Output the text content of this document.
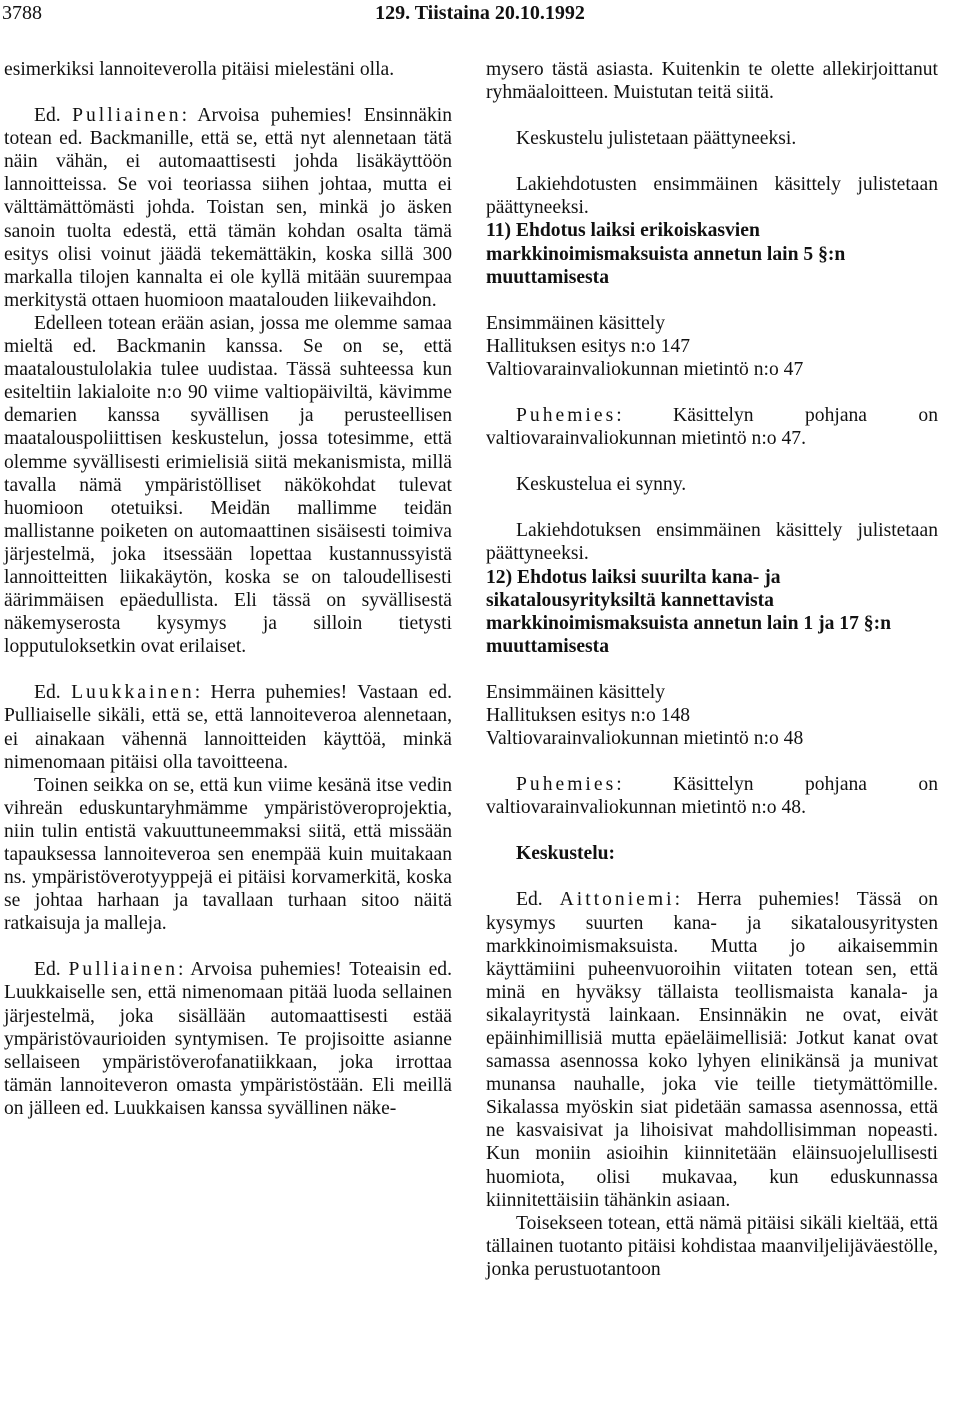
3788	129. Tiistaina 20.10.1992

esimerkiksi lannoiteverolla pitäisi mielestäni olla.

Ed. Pulliainen: Arvoisa puhemies! Ensinnäkin totean ed. Backmanille, että se, että nyt alennetaan tätä näin vähän, ei automaattisesti johda lisäkäyttöön lannoitteissa. Se voi teoriassa siihen johtaa, mutta ei välttämättömästi johda. Toistan sen, minkä jo äsken sanoin tuolta edestä, että tämän kohdan osalta tämä esitys olisi voinut jäädä tekemättäkin, koska sillä 300 markalla tilojen kannalta ei ole kyllä mitään suurempaa merkitystä ottaen huomioon maatalouden liikevaihdon.

Edelleen totean erään asian, jossa me olemme samaa mieltä ed. Backmanin kanssa. Se on se, että maataloustulolakia tulee uudistaa. Tässä suhteessa kun esiteltiin lakialoite n:o 90 viime valtiopäiviltä, kävimme demarien kanssa syvällisen ja perusteellisen maatalouspoliittisen keskustelun, jossa totesimme, että olemme syvällisesti erimielisiä siitä mekanismista, millä tavalla nämä ympäristölliset näkökohdat tulevat huomioon otetuiksi. Meidän mallimme teidän mallistanne poiketen on automaattinen sisäisesti toimiva järjestelmä, joka itsessään lopettaa kustannussyistä lannoitteitten liikakäytön, koska se on taloudellisesti äärimmäisen epäedullista. Eli tässä on syvällisestä näkemyserosta kysymys ja silloin tietysti lopputuloksetkin ovat erilaiset.

Ed. Luukkainen: Herra puhemies! Vastaan ed. Pulliaiselle sikäli, että se, että lannoiteveroa alennetaan, ei ainakaan vähennä lannoitteiden käyttöä, minkä nimenomaan pitäisi olla tavoitteena.

Toinen seikka on se, että kun viime kesänä itse vedin vihreän eduskuntaryhmämme ympäristöveroprojektia, niin tulin entistä vakuuttuneemmaksi siitä, että missään tapauksessa lannoiteveroa sen enempää kuin muitakaan ns. ympäristöverotyyppejä ei pitäisi korvamerkitä, koska se johtaa harhaan ja tavallaan turhaan sitoo näitä ratkaisuja ja malleja.

Ed. Pulliainen: Arvoisa puhemies! Toteaisin ed. Luukkaiselle sen, että nimenomaan pitää luoda sellainen järjestelmä, joka sisällään automaattisesti estää ympäristövaurioiden syntymisen. Te projisoitte asianne sellaiseen ympäristöverofanatiikkaan, joka irrottaa tämän lannoiteveron omasta ympäristöstään. Eli meillä on jälleen ed. Luukkaisen kanssa syvällinen näke-

mysero tästä asiasta. Kuitenkin te olette allekirjoittanut ryhmäaloitteen. Muistutan teitä siitä.

Keskustelu julistetaan päättyneeksi.

Lakiehdotusten ensimmäinen käsittely julistetaan päättyneeksi.

11) Ehdotus laiksi erikoiskasvien markkinoimismaksuista annetun lain 5 §:n muuttamisesta

Ensimmäinen käsittely

Hallituksen esitys n:o 147

Valtiovarainvaliokunnan mietintö n:o 47

Puhemies: Käsittelyn pohjana on valtiovarainvaliokunnan mietintö n:o 47.

Keskustelua ei synny.

Lakiehdotuksen ensimmäinen käsittely julistetaan päättyneeksi.

12) Ehdotus laiksi suurilta kana- ja sikatalousyrityksiltä kannettavista markkinoimismaksuista annetun lain 1 ja 17 §:n muuttamisesta

Ensimmäinen käsittely

Hallituksen esitys n:o 148

Valtiovarainvaliokunnan mietintö n:o 48

Puhemies: Käsittelyn pohjana on valtiovarainvaliokunnan mietintö n:o 48.

Keskustelu:

Ed. Aittoniemi: Herra puhemies! Tässä on kysymys suurten kana- ja sikatalousyritysten markkinoimismaksuista. Mutta jo aikaisemmin käyttämiini puheenvuoroihin viitaten totean sen, että minä en hyväksy tällaista teollismaista kanala- ja sikalayritystä lainkaan. Ensinnäkin ne ovat, eivät epäinhimillisiä mutta epäeläimellisiä: Jotkut kanat ovat samassa asennossa koko lyhyen elinikänsä ja munivat munansa nauhalle, joka vie teille tietymättömille. Sikalassa myöskin siat pidetään samassa asennossa, että ne kasvaisivat ja lihoisivat mahdollisimman nopeasti. Kun moniin asioihin kiinnitetään eläinsuojelullisesti huomiota, olisi mukavaa, kun eduskunnassa kiinnitettäisiin tähänkin asiaan.

Toisekseen totean, että nämä pitäisi sikäli kieltää, että tällainen tuotanto pitäisi kohdistaa maanviljelijäväestölle, jonka perustuotantoon
